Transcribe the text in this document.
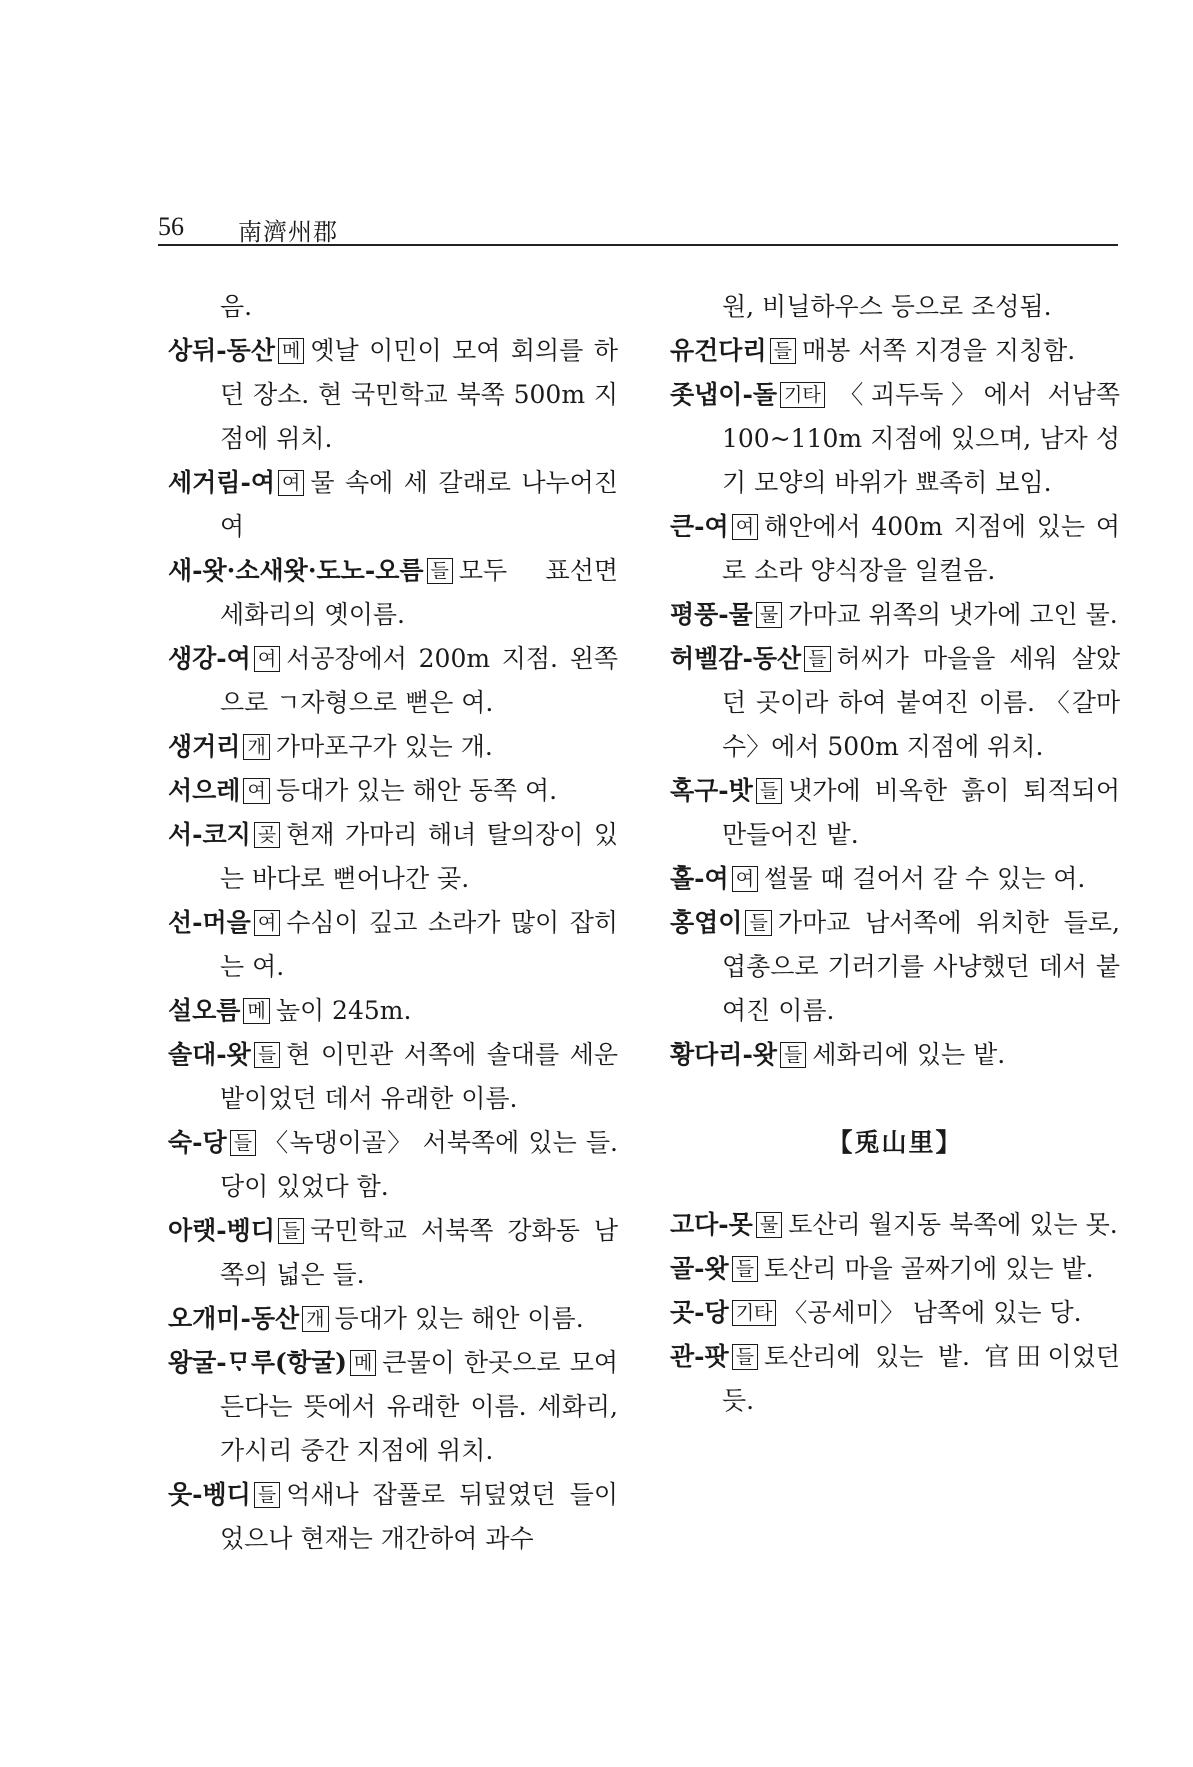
56 南濟州郡
음.
상뒤-동산 메 옛날 이민이 모여 회의를 하던 장소. 현 국민학교 북쪽 500m 지점에 위치.
세거림-여 여 물 속에 세 갈래로 나누어진 여
새-왓·소새왓·도노-오름 들 모두 표선면 세화리의 옛이름.
생강-여 여 서공장에서 200m 지점. 왼쪽으로 ㄱ자형으로 뻗은 여.
생거리 개 가마포구가 있는 개.
서으레 여 등대가 있는 해안 동쪽 여.
서-코지 곶 현재 가마리 해녀 탈의장이 있는 바다로 뻗어나간 곶.
선-머을 여 수심이 깊고 소라가 많이 잡히는 여.
설오름 메 높이 245m.
솔대-왓 들 현 이민관 서쪽에 솔대를 세운 밭이었던 데서 유래한 이름.
숙-당 들 〈녹댕이골〉 서북쪽에 있는 들. 당이 있었다 함.
아랫-벵디 들 국민학교 서북쪽 강화동 남쪽의 넓은 들.
오개미-동산 개 등대가 있는 해안 이름.
왕굴-ᄆᆞ루(항굴) 메 큰물이 한곳으로 모여든다는 뜻에서 유래한 이름. 세화리, 가시리 중간 지점에 위치.
웃-벵디 들 억새나 잡풀로 뒤덮였던 들이었으나 현재는 개간하여 과수
원, 비닐하우스 등으로 조성됨.
유건다리 들 매봉 서쪽 지경을 지칭함.
좃냅이-돌 기타 〈괴두둑〉에서 서남쪽 100~110m 지점에 있으며, 남자 성기 모양의 바위가 뾰족히 보임.
큰-여 여 해안에서 400m 지점에 있는 여로 소라 양식장을 일컬음.
평풍-물 물 가마교 위쪽의 냇가에 고인 물.
허벨감-동산 들 허씨가 마을을 세워 살았던 곳이라 하여 붙여진 이름. 〈갈마수〉에서 500m 지점에 위치.
혹구-밧 들 냇가에 비옥한 흙이 퇴적되어 만들어진 밭.
홀-여 여 썰물 때 걸어서 갈 수 있는 여.
홍엽이 들 가마교 남서쪽에 위치한 들로, 엽총으로 기러기를 사냥했던 데서 붙여진 이름.
황다리-왓 들 세화리에 있는 밭.
【兎山里】
고다-못 물 토산리 월지동 북쪽에 있는 못.
골-왓 들 토산리 마을 골짜기에 있는 밭.
곳-당 기타 〈공세미〉 남쪽에 있는 당.
관-팟 들 토산리에 있는 밭. 官田이었던 듯.
